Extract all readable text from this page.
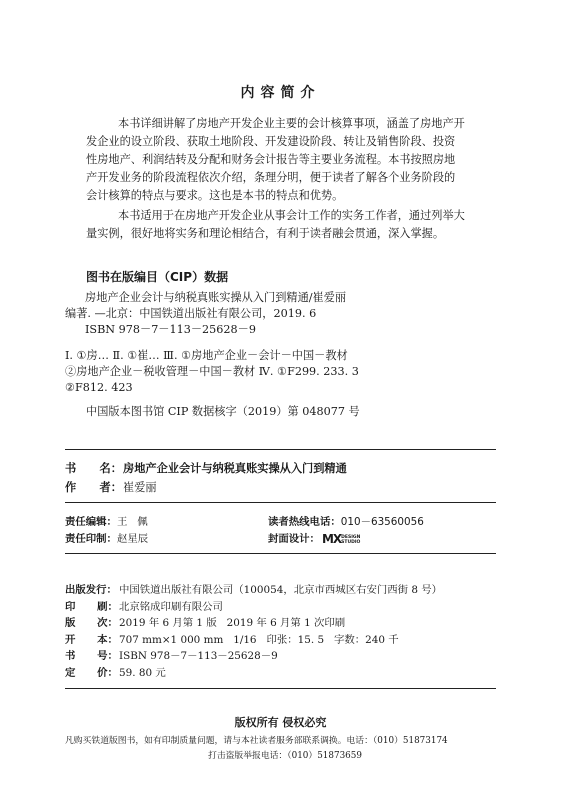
内容简介

本书详细讲解了房地产开发企业主要的会计核算事项，涵盖了房地产开

发企业的设立阶段、获取土地阶段、开发建设阶段、转让及销售阶段、投资

性房地产、利润结转及分配和财务会计报告等主要业务流程。本书按照房地

产开发业务的阶段流程依次介绍，条理分明，便于读者了解各个业务阶段的

会计核算的特点与要求。这也是本书的特点和优势。

本书适用于在房地产开发企业从事会计工作的实务工作者，通过列举大

量实例，很好地将实务和理论相结合，有利于读者融会贯通，深入掌握。

图书在版编目（CIP）数据
房地产企业会计与纳税真账实操从入门到精通/崔爱丽
编著. —北京：中国铁道出版社有限公司，2019. 6
ISBN 978－7－113－25628－9
Ⅰ. ①房… Ⅱ. ①崔… Ⅲ. ①房地产企业－会计－中国－教材
②房地产企业－税收管理－中国－教材 Ⅳ. ①F299. 233. 3
②F812. 423
中国版本图书馆 CIP 数据核字（2019）第 048077 号
书      名：房地产企业会计与纳税真账实操从入门到精通
作      者：崔爱丽
责任编辑：王   佩	读者热线电话：010－63560056
责任印制：赵星辰	封面设计： MXDESIGN
STUDIO
出版发行： 中国铁道出版社有限公司（100054，北京市西城区右安门西街 8 号）
印      刷：北京铭成印刷有限公司
版      次：2019 年 6 月第 1 版   2019 年 6 月第 1 次印刷
开      本：707 mm×1 000 mm   1/16   印张：15. 5   字数：240 千
书      号：ISBN 978－7－113－25628－9
定      价：59. 80 元
版权所有 侵权必究
凡购买铁道版图书，如有印制质量问题，请与本社读者服务部联系调换。电话：（010）51873174
打击盗版举报电话：（010）51873659
